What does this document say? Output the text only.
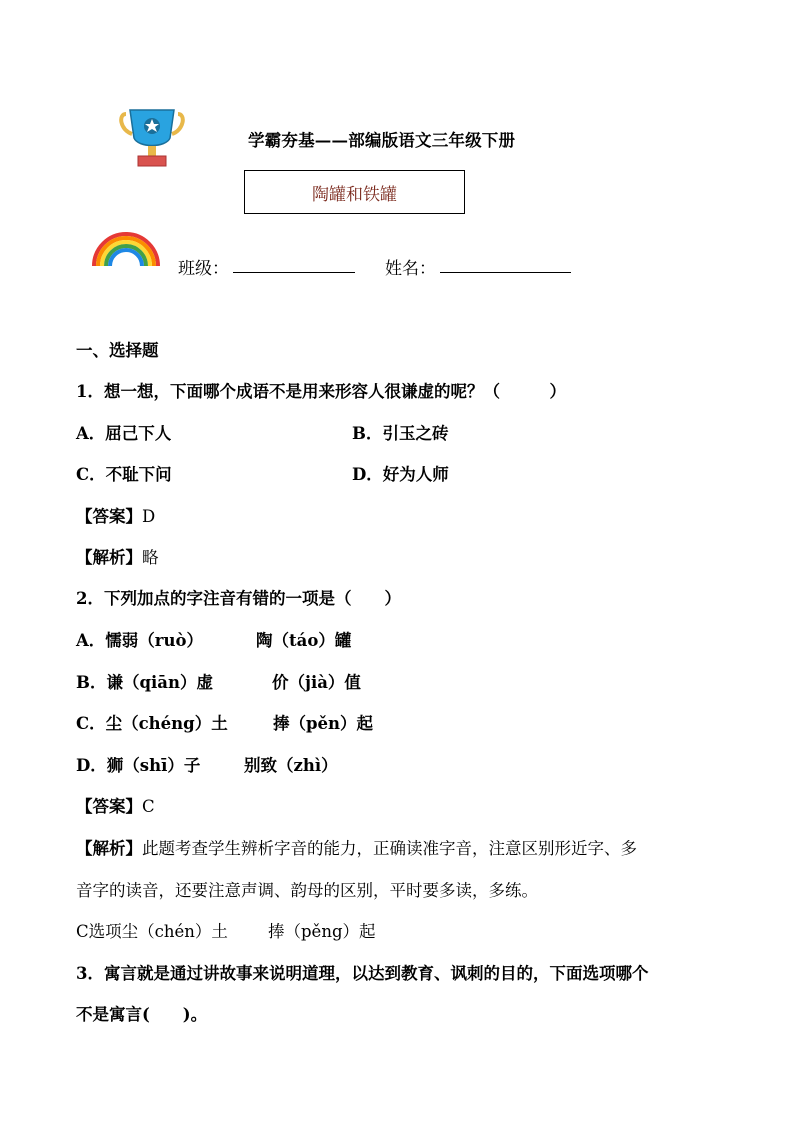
学霸夯基——部编版语文三年级下册
陶罐和铁罐
班级：	姓名：
一、选择题
1．想一想，下面哪个成语不是用来形容人很谦虚的呢？（　　　）
A．屈己下人	B．引玉之砖
C．不耻下问	D．好为人师
【答案】D
【解析】略
2．下列加点的字注音有错的一项是（　　）
A．懦弱（ruò）	陶（táo）罐
B．谦（qiān）虚	价（jià）值
C．尘（chéng）土	捧（pěn）起
D．狮（shī）子	别致（zhì）
【答案】C
【解析】此题考查学生辨析字音的能力，正确读准字音，注意区别形近字、多
音字的读音，还要注意声调、韵母的区别，平时要多读，多练。
C选项尘（chén）土 捧（pěng）起
3．寓言就是通过讲故事来说明道理，以达到教育、讽刺的目的，下面选项哪个
不是寓言(　　)。
